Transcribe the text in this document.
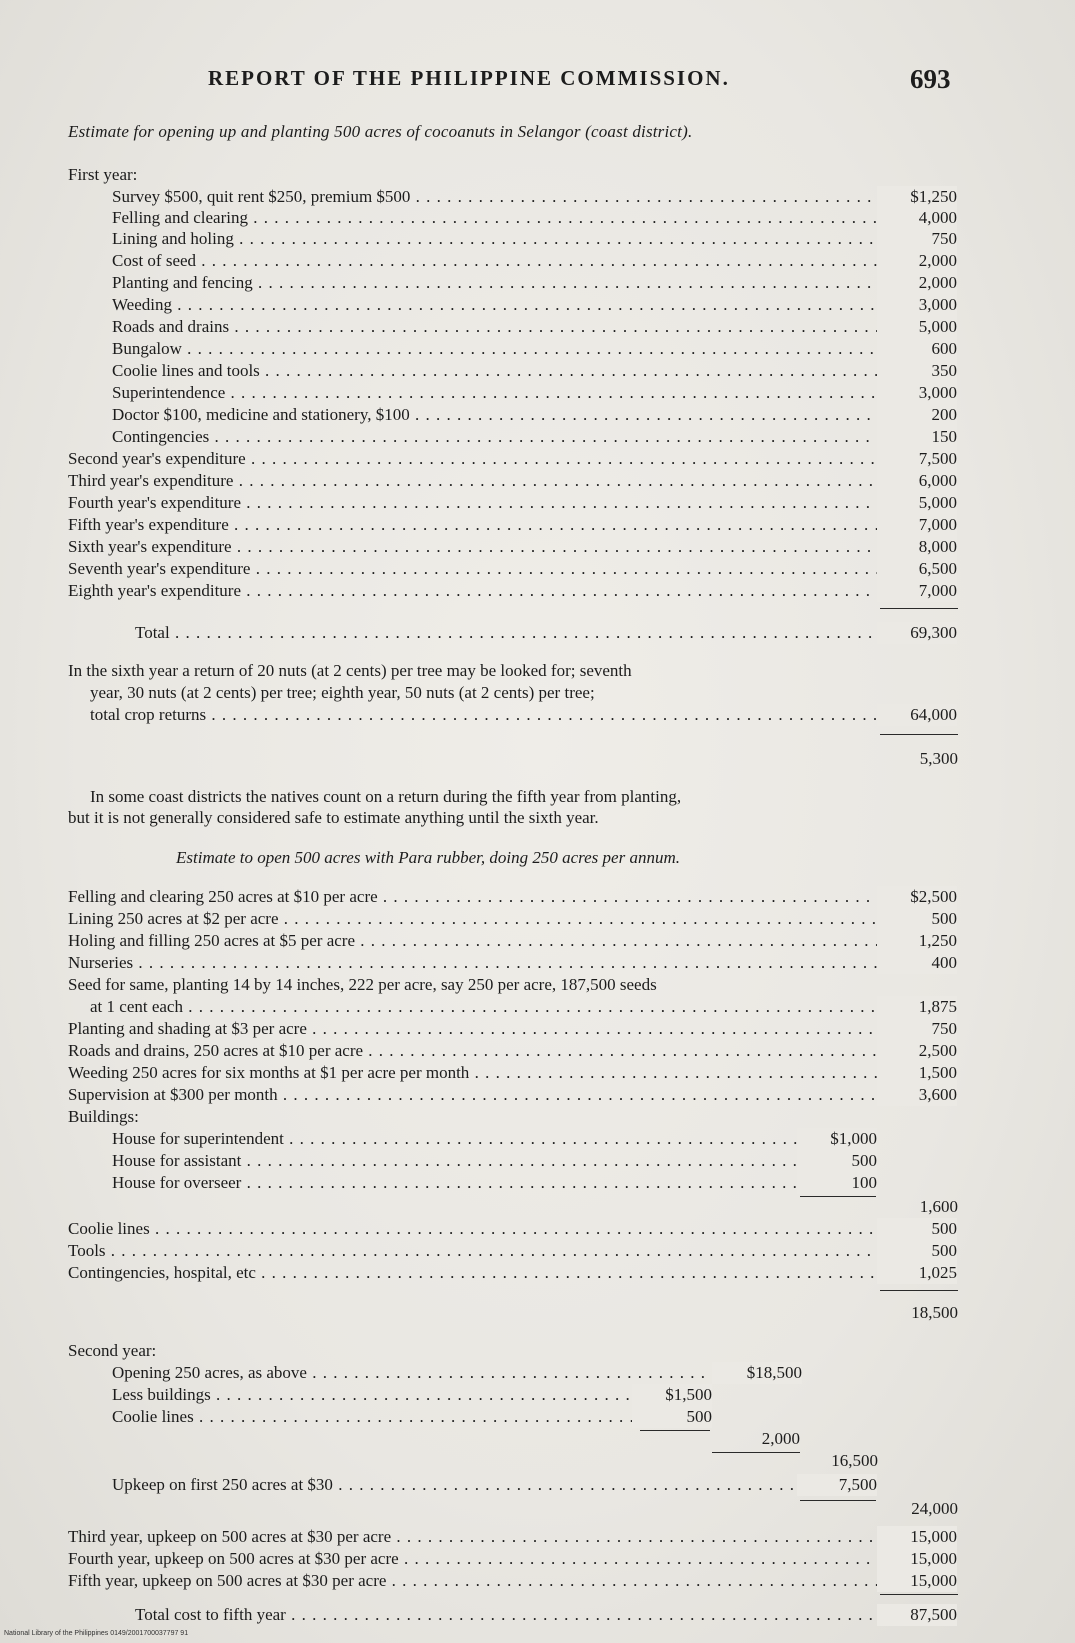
REPORT OF THE PHILIPPINE COMMISSION.	693
Estimate for opening up and planting 500 acres of cocoanuts in Selangor (coast district).
First year:
Survey $500, quit rent $250, premium $500 . . .	$1,250
Felling and clearing . . .	4,000
Lining and holing . . .	750
Cost of seed . . .	2,000
Planting and fencing . . .	2,000
Weeding . . .	3,000
Roads and drains . . .	5,000
Bungalow . . .	600
Coolie lines and tools . . .	350
Superintendence . . .	3,000
Doctor $100, medicine and stationery, $100 . . .	200
Contingencies . . .	150
Second year's expenditure . . .	7,500
Third year's expenditure . . .	6,000
Fourth year's expenditure . . .	5,000
Fifth year's expenditure . . .	7,000
Sixth year's expenditure . . .	8,000
Seventh year's expenditure . . .	6,500
Eighth year's expenditure . . .	7,000
Total . . .	69,300
In the sixth year a return of 20 nuts (at 2 cents) per tree may be looked for; seventh
year, 30 nuts (at 2 cents) per tree; eighth year, 50 nuts (at 2 cents) per tree;
total crop returns . . .	64,000
5,300
In some coast districts the natives count on a return during the fifth year from planting,
but it is not generally considered safe to estimate anything until the sixth year.
Estimate to open 500 acres with Para rubber, doing 250 acres per annum.
Felling and clearing 250 acres at $10 per acre . . .	$2,500
Lining 250 acres at $2 per acre . . .	500
Holing and filling 250 acres at $5 per acre . . .	1,250
Nurseries . . .	400
Seed for same, planting 14 by 14 inches, 222 per acre, say 250 per acre, 187,500 seeds
at 1 cent each . . .	1,875
Planting and shading at $3 per acre . . .	750
Roads and drains, 250 acres at $10 per acre . . .	2,500
Weeding 250 acres for six months at $1 per acre per month . . .	1,500
Supervision at $300 per month . . .	3,600
Buildings:
House for superintendent . . .	$1,000
House for assistant . . .	500
House for overseer . . .	100
1,600
Coolie lines . . .	500
Tools . . .	500
Contingencies, hospital, etc . . .	1,025
18,500
Second year:
Opening 250 acres, as above . . .	$18,500
Less buildings . . .	$1,500
Coolie lines . . .	500
2,000
16,500
Upkeep on first 250 acres at $30 . . .	7,500
24,000
Third year, upkeep on 500 acres at $30 per acre . . .	15,000
Fourth year, upkeep on 500 acres at $30 per acre . . .	15,000
Fifth year, upkeep on 500 acres at $30 per acre . . .	15,000
Total cost to fifth year . . .	87,500
National Library of the Philippines 0149/2001700037797 91
